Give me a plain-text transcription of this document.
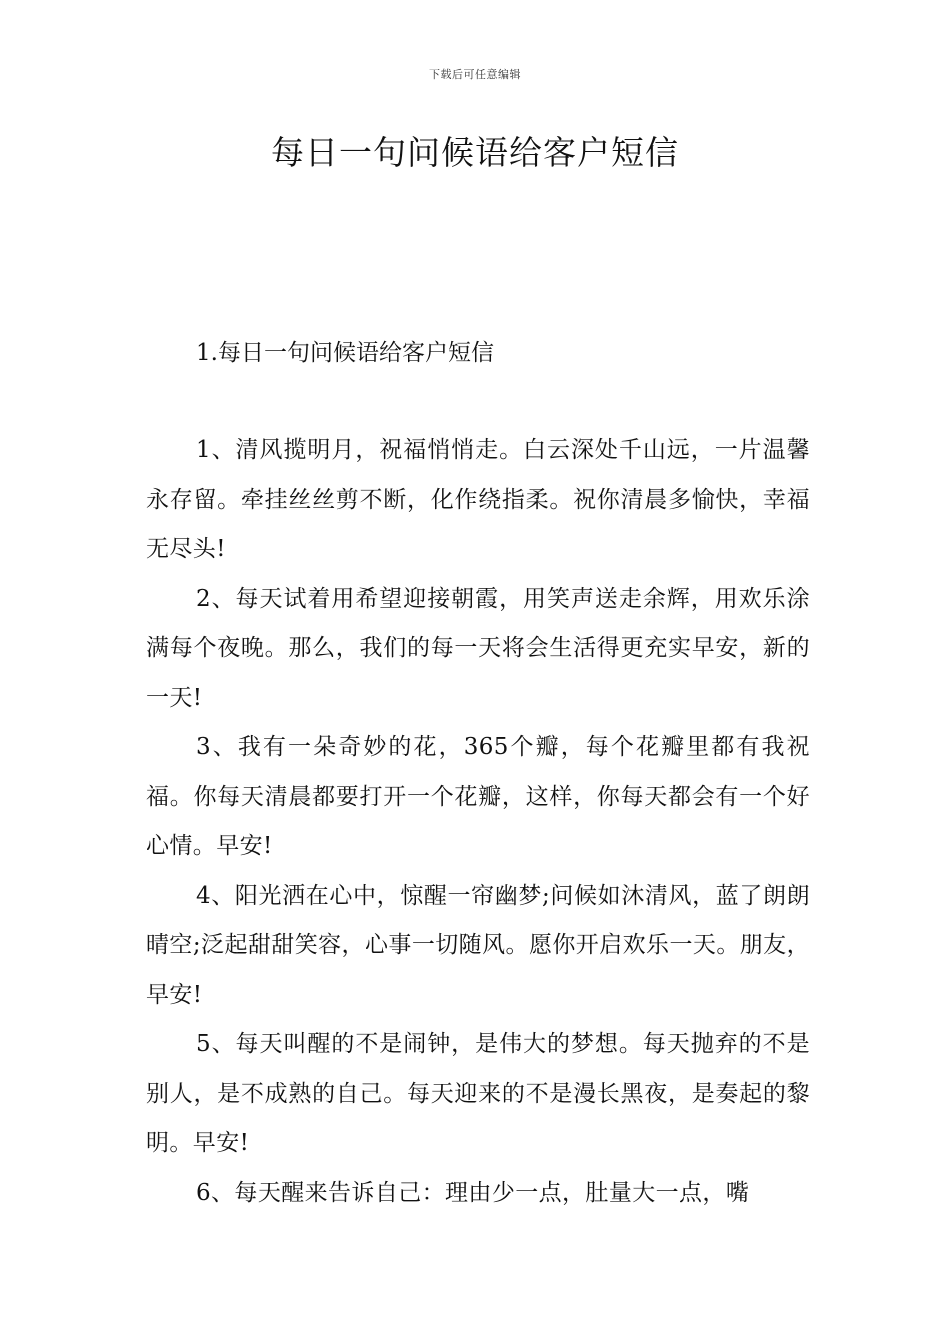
下载后可任意编辑
每日一句问候语给客户短信
1.每日一句问候语给客户短信

1、清风揽明月，祝福悄悄走。白云深处千山远，一片温馨永存留。牵挂丝丝剪不断，化作绕指柔。祝你清晨多愉快，幸福无尽头!

2、每天试着用希望迎接朝霞，用笑声送走余辉，用欢乐涂满每个夜晚。那么，我们的每一天将会生活得更充实早安，新的一天!

3、我有一朵奇妙的花，365个瓣，每个花瓣里都有我祝福。你每天清晨都要打开一个花瓣，这样，你每天都会有一个好心情。早安!

4、阳光洒在心中，惊醒一帘幽梦;问候如沐清风，蓝了朗朗晴空;泛起甜甜笑容，心事一切随风。愿你开启欢乐一天。朋友，早安!

5、每天叫醒的不是闹钟，是伟大的梦想。每天抛弃的不是别人，是不成熟的自己。每天迎来的不是漫长黑夜，是奏起的黎明。早安!

6、每天醒来告诉自己：理由少一点，肚量大一点，嘴
